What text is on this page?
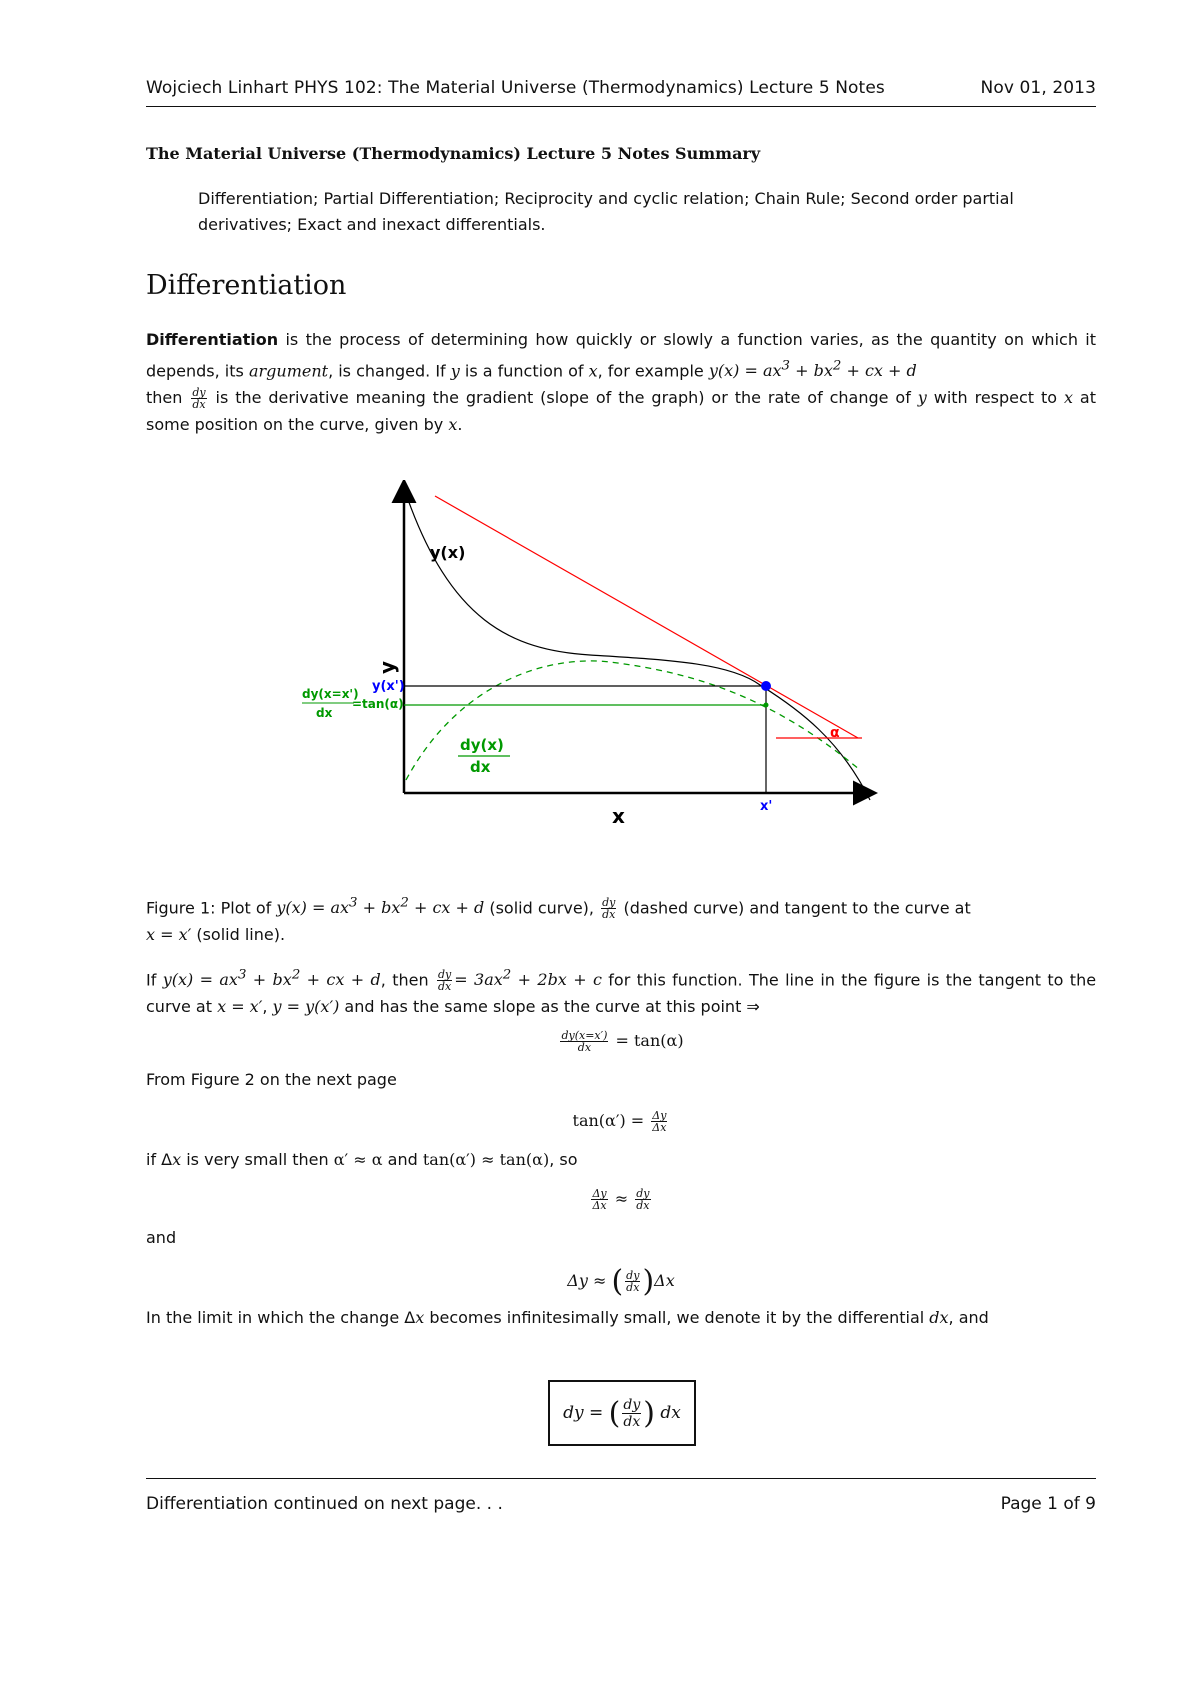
Wojciech Linhart PHYS 102: The Material Universe (Thermodynamics) Lecture 5 Notes	Nov 01, 2013
The Material Universe (Thermodynamics) Lecture 5 Notes Summary
Differentiation; Partial Differentiation; Reciprocity and cyclic relation; Chain Rule; Second order partial derivatives; Exact and inexact differentials.
Differentiation
Differentiation is the process of determining how quickly or slowly a function varies, as the quantity on which it depends, its argument, is changed. If y is a function of x, for example $y(x) = ax^3 + bx^2$ + cx + d
then $\frac{dy}{dx}$ is the derivative meaning the gradient (slope of the graph) or the rate of change of y with respect to x at some position on the curve, given by x.
y(x)
y
x
y(x')
x'
dy(x)
dx
dy(x=x')
dx
=tan(α)
α
Figure 1: Plot of $y(x) = ax^3 + bx^2$ + cx + d (solid curve), $\frac{dy}{dx}$ (dashed curve) and tangent to the curve at
x = x′ (solid line).
If $y(x) = ax^3 + bx^2$ + cx + d, then $\frac{dy}{dx} = 3ax^2 + 2bx + c$ for this function. The line in the figure is the tangent to the curve at x = x′, y = y(x′) and has the same slope as the curve at this point ⇒
$\frac{dy(x=x')}{dx} = \tan(\alpha)$
From Figure 2 on the next page
$\tan(\alpha') = \frac{\Delta y}{\Delta x}$
if Δx is very small then α′ ≈ α and tan(α′) ≈ tan(α), so
$\frac{\Delta y}{\Delta x} \approx \frac{dy}{dx}$
and
Δy ≈ ( $\frac{dy}{dx} )\Delta x$
In the limit in which the change Δx becomes infinitesimally small, we denote it by the differential dx, and
dy
=
( $\frac{dy}{dx}$ )
dx
Differentiation continued on next page. . .	Page 1 of 9
